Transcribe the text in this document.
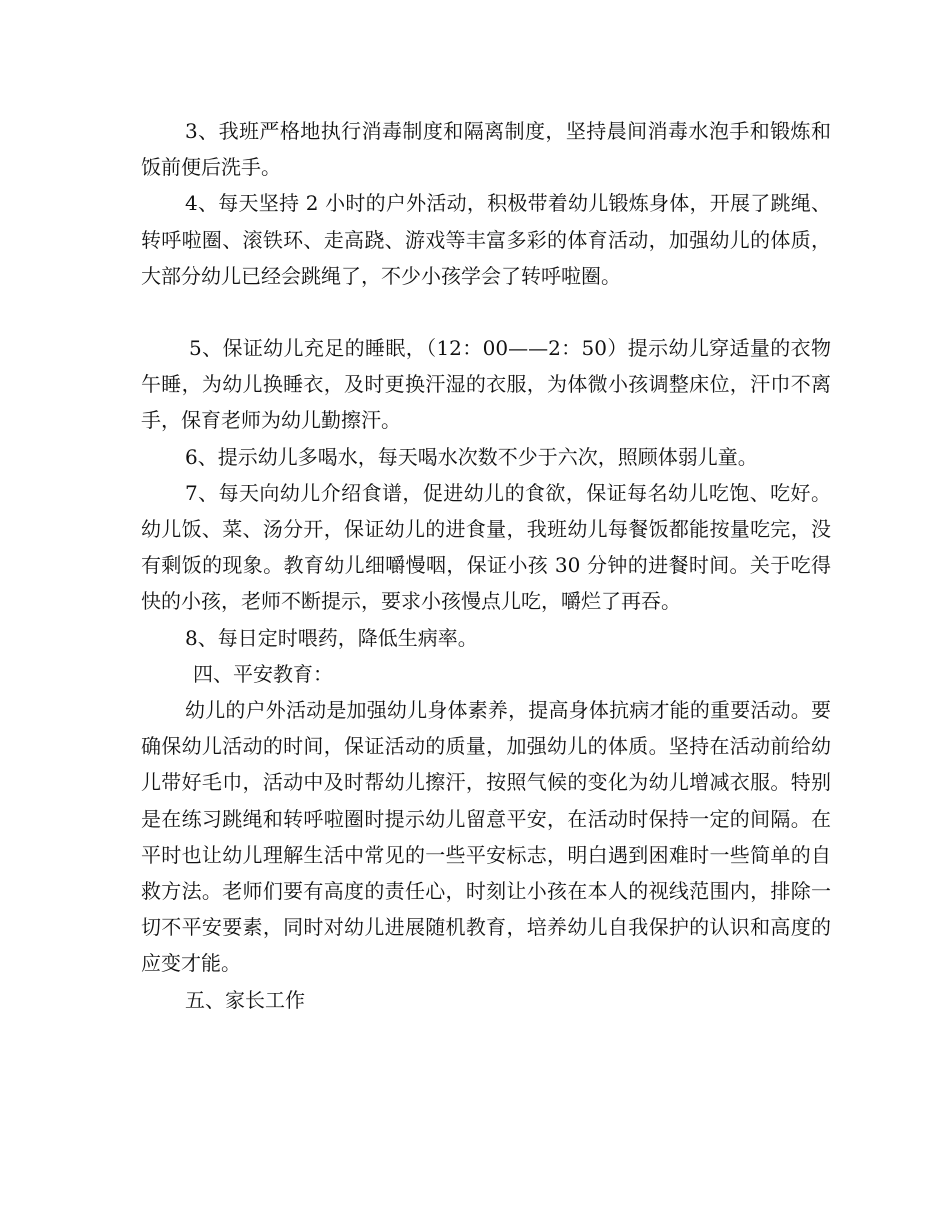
3、我班严格地执行消毒制度和隔离制度，坚持晨间消毒水泡手和锻炼和饭前便后洗手。

4、每天坚持 2 小时的户外活动，积极带着幼儿锻炼身体，开展了跳绳、转呼啦圈、滚铁环、走高跷、游戏等丰富多彩的体育活动，加强幼儿的体质，大部分幼儿已经会跳绳了，不少小孩学会了转呼啦圈。

5、保证幼儿充足的睡眠，（12：00——2：50）提示幼儿穿适量的衣物午睡，为幼儿换睡衣，及时更换汗湿的衣服，为体微小孩调整床位，汗巾不离手，保育老师为幼儿勤擦汗。

6、提示幼儿多喝水，每天喝水次数不少于六次，照顾体弱儿童。

7、每天向幼儿介绍食谱，促进幼儿的食欲，保证每名幼儿吃饱、吃好。幼儿饭、菜、汤分开，保证幼儿的进食量，我班幼儿每餐饭都能按量吃完，没有剩饭的现象。教育幼儿细嚼慢咽，保证小孩 30 分钟的进餐时间。关于吃得快的小孩，老师不断提示，要求小孩慢点儿吃，嚼烂了再吞。

8、每日定时喂药，降低生病率。

四、平安教育：

幼儿的户外活动是加强幼儿身体素养，提高身体抗病才能的重要活动。要确保幼儿活动的时间，保证活动的质量，加强幼儿的体质。坚持在活动前给幼儿带好毛巾，活动中及时帮幼儿擦汗，按照气候的变化为幼儿增减衣服。特别是在练习跳绳和转呼啦圈时提示幼儿留意平安，在活动时保持一定的间隔。在平时也让幼儿理解生活中常见的一些平安标志，明白遇到困难时一些简单的自救方法。老师们要有高度的责任心，时刻让小孩在本人的视线范围内，排除一切不平安要素，同时对幼儿进展随机教育，培养幼儿自我保护的认识和高度的应变才能。

五、家长工作
